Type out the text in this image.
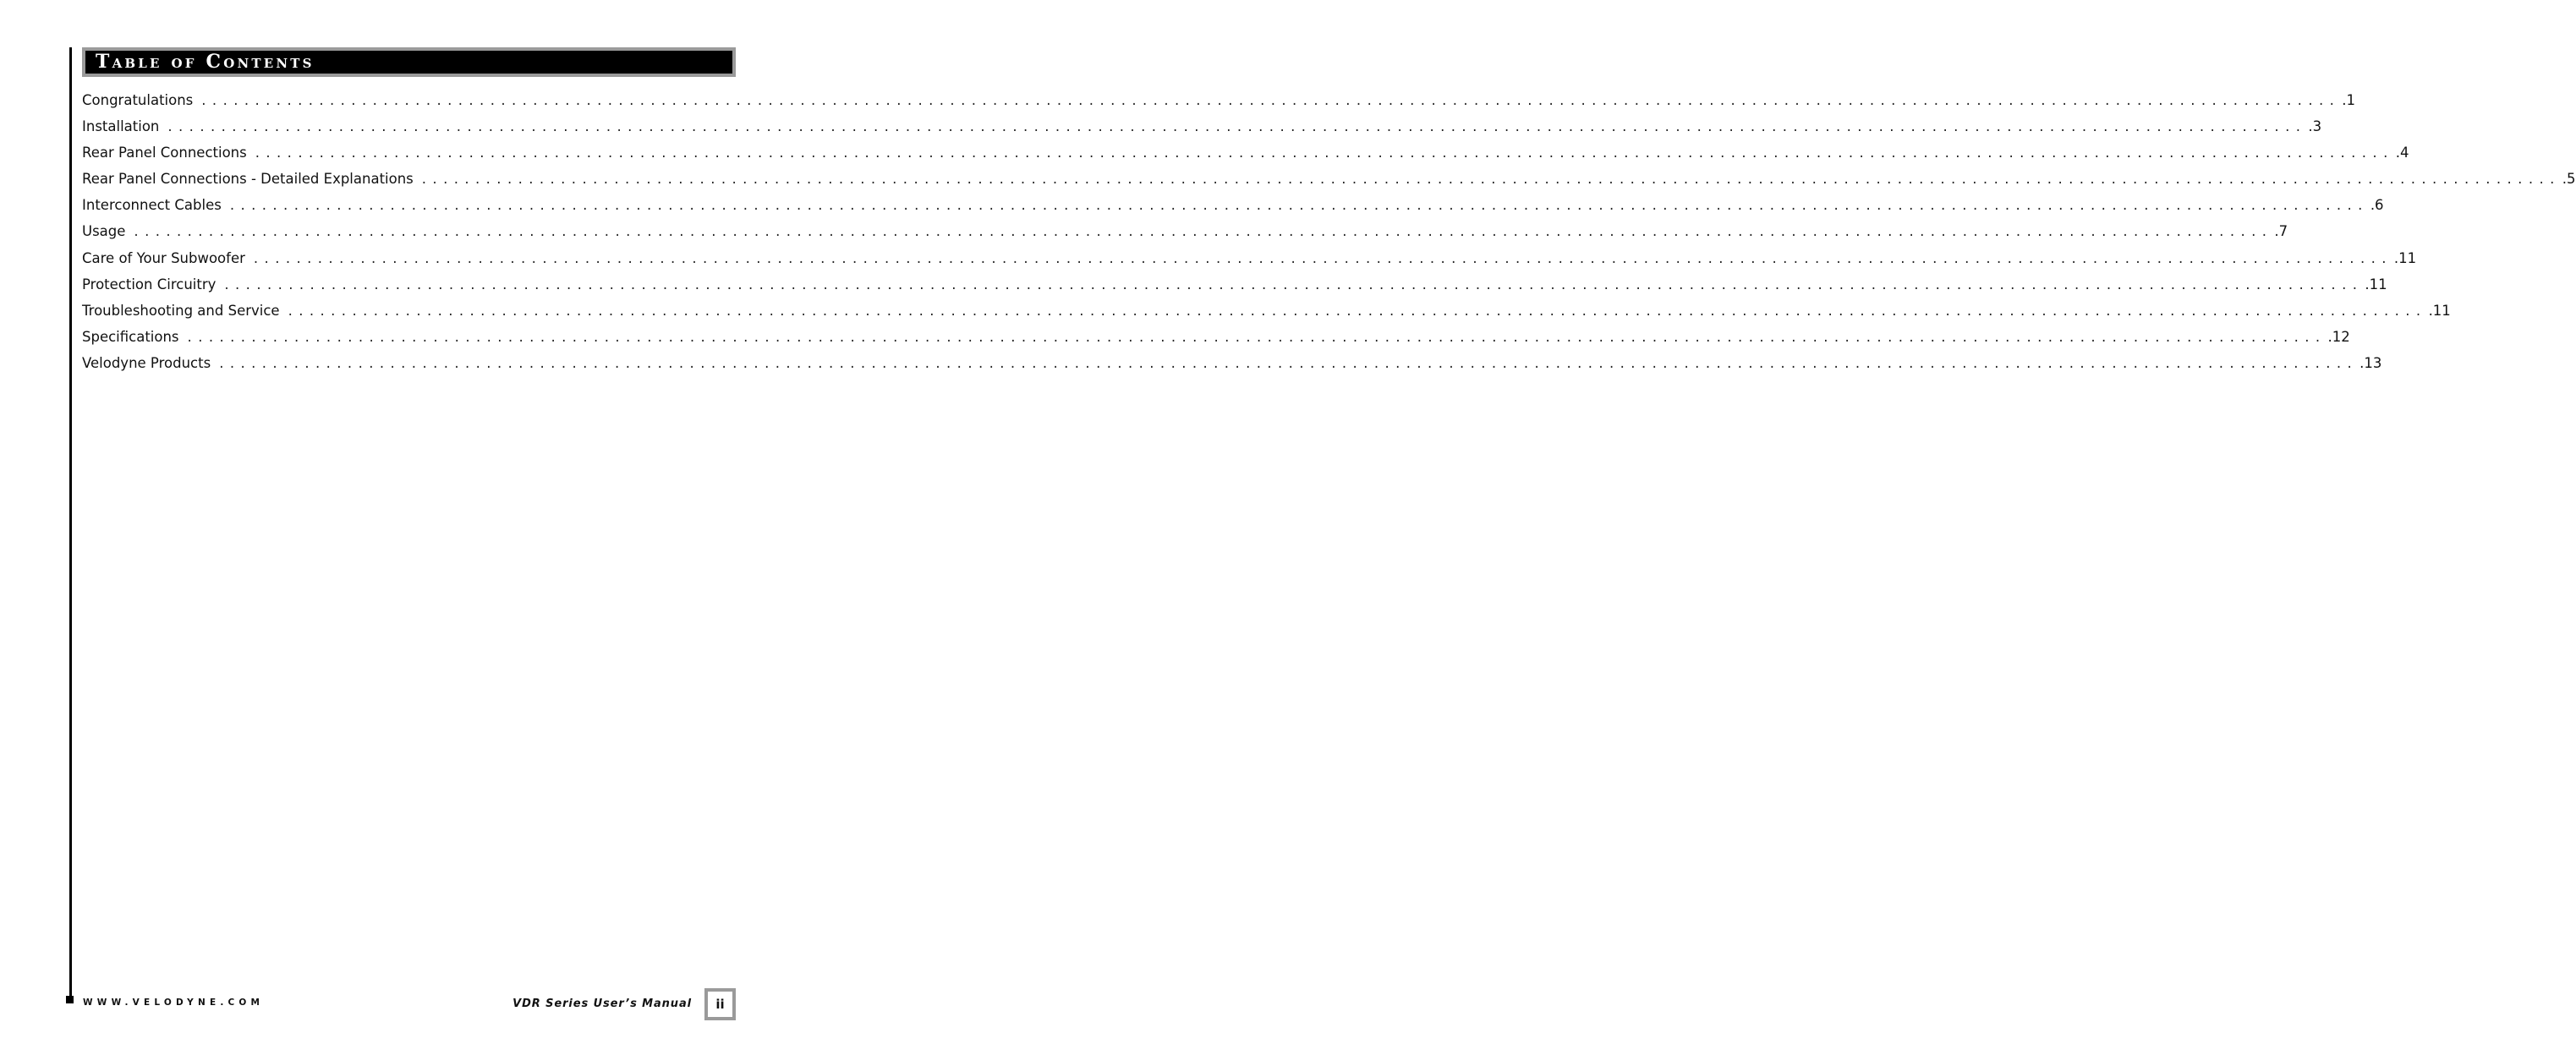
Table of Contents
Congratulations ........................................................................................................................................................................................................ .1
Installation ........................................................................................................................................................................................................ .3
Rear Panel Connections ........................................................................................................................................................................................................ .4
Rear Panel Connections - Detailed Explanations ........................................................................................................................................................................................................ .5
Interconnect Cables ........................................................................................................................................................................................................ .6
Usage ........................................................................................................................................................................................................ .7
Care of Your Subwoofer ........................................................................................................................................................................................................ .11
Protection Circuitry ........................................................................................................................................................................................................ .11
Troubleshooting and Service ........................................................................................................................................................................................................ .11
Specifications ........................................................................................................................................................................................................ .12
Velodyne Products ........................................................................................................................................................................................................ .13
WWW.VELODYNE.COM	VDR Series User’s Manual	ii
